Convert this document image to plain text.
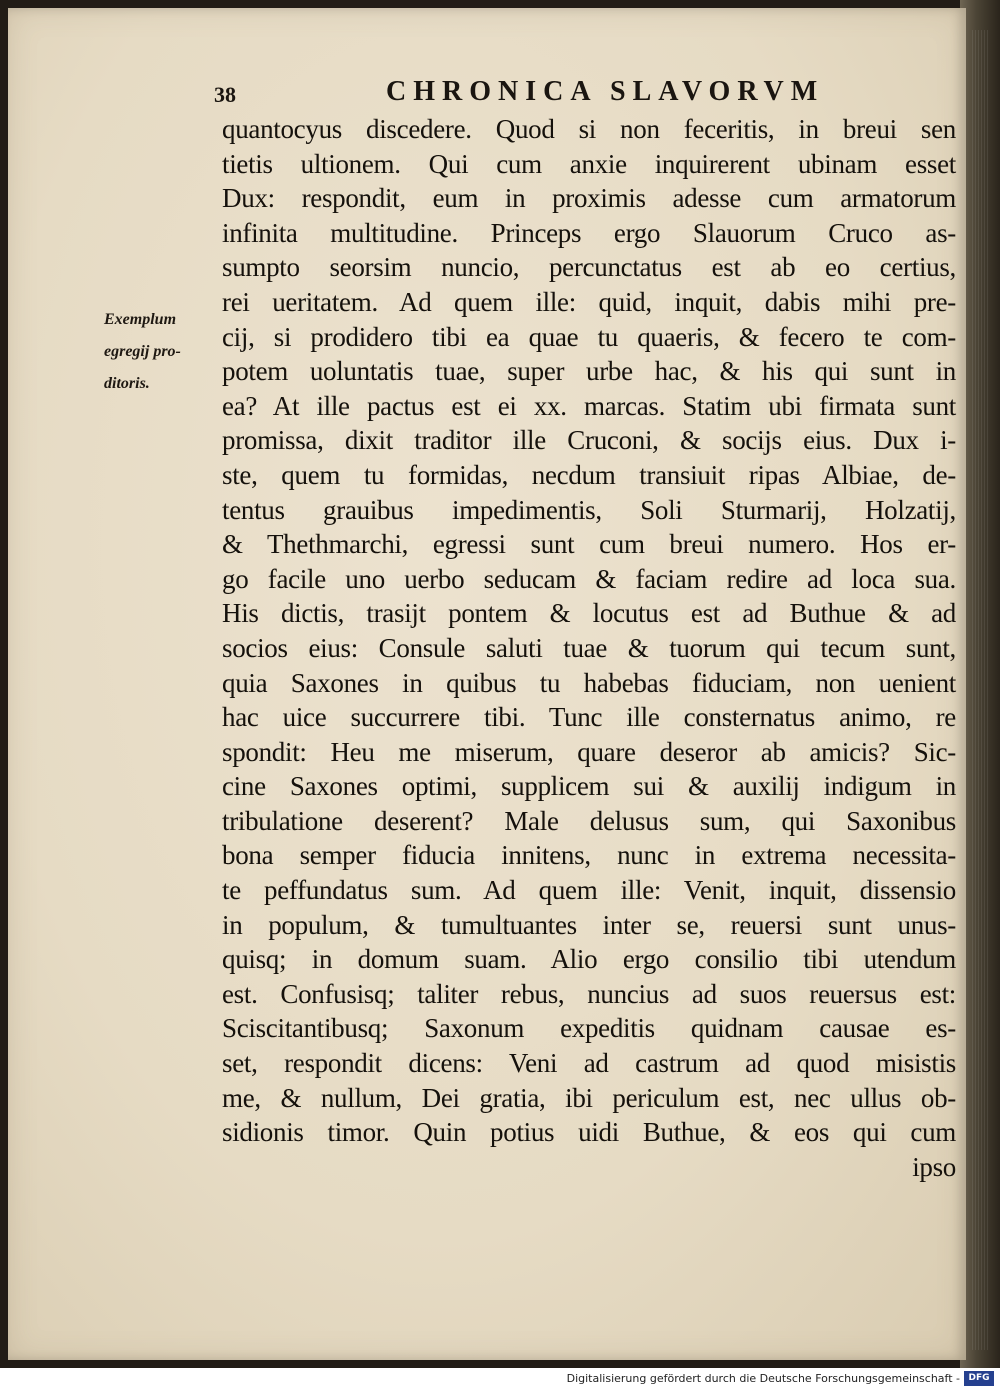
38	CHRONICA SLAVORVM
Exemplum
egregij pro-
ditoris.
quantocyus discedere. Quod si non feceritis, in breui sen
tietis ultionem. Qui cum anxie inquirerent ubinam esset
Dux: respondit, eum in proximis adesse cum armatorum
infinita multitudine. Princeps ergo Slauorum Cruco as-
sumpto seorsim nuncio, percunctatus est ab eo certius,
rei ueritatem. Ad quem ille: quid, inquit, dabis mihi pre-
cij, si prodidero tibi ea quae tu quaeris, & fecero te com-
potem uoluntatis tuae, super urbe hac, & his qui sunt in
ea? At ille pactus est ei xx. marcas. Statim ubi firmata sunt
promissa, dixit traditor ille Cruconi, & socijs eius. Dux i-
ste, quem tu formidas, necdum transiuit ripas Albiae, de-
tentus grauibus impedimentis, Soli Sturmarij, Holzatij,
& Thethmarchi, egressi sunt cum breui numero. Hos er-
go facile uno uerbo seducam & faciam redire ad loca sua.
His dictis, trasijt pontem & locutus est ad Buthue & ad
socios eius: Consule saluti tuae & tuorum qui tecum sunt,
quia Saxones in quibus tu habebas fiduciam, non uenient
hac uice succurrere tibi. Tunc ille consternatus animo, re
spondit: Heu me miserum, quare deseror ab amicis? Sic-
cine Saxones optimi, supplicem sui & auxilij indigum in
tribulatione deserent? Male delusus sum, qui Saxonibus
bona semper fiducia innitens, nunc in extrema necessita-
te peffundatus sum. Ad quem ille: Venit, inquit, dissensio
in populum, & tumultuantes inter se, reuersi sunt unus-
quisq; in domum suam. Alio ergo consilio tibi utendum
est. Confusisq; taliter rebus, nuncius ad suos reuersus est:
Sciscitantibusq; Saxonum expeditis quidnam causae es-
set, respondit dicens: Veni ad castrum ad quod misistis
me, & nullum, Dei gratia, ibi periculum est, nec ullus ob-
sidionis timor. Quin potius uidi Buthue, & eos qui cum
ipso
Digitalisierung gefördert durch die Deutsche Forschungsgemeinschaft - DFG
